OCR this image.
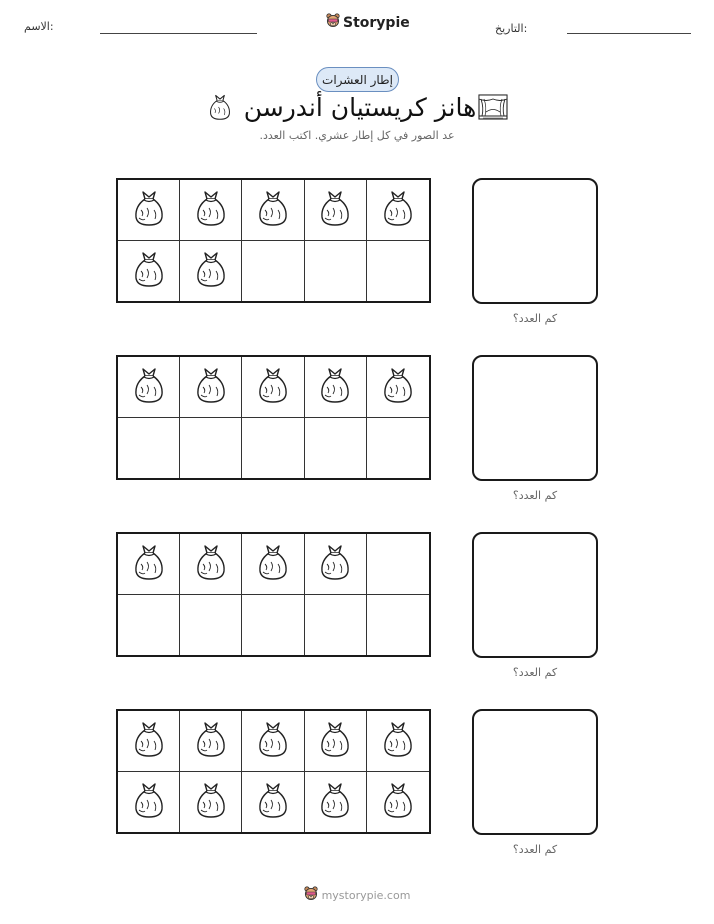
الاسم:	Storypie	التاريخ:
إطار العشرات
هانز كريستيان أندرسن
عد الصور في كل إطار عشري. اكتب العدد.
كم العدد؟
كم العدد؟
كم العدد؟
كم العدد؟
mystorypie.com
